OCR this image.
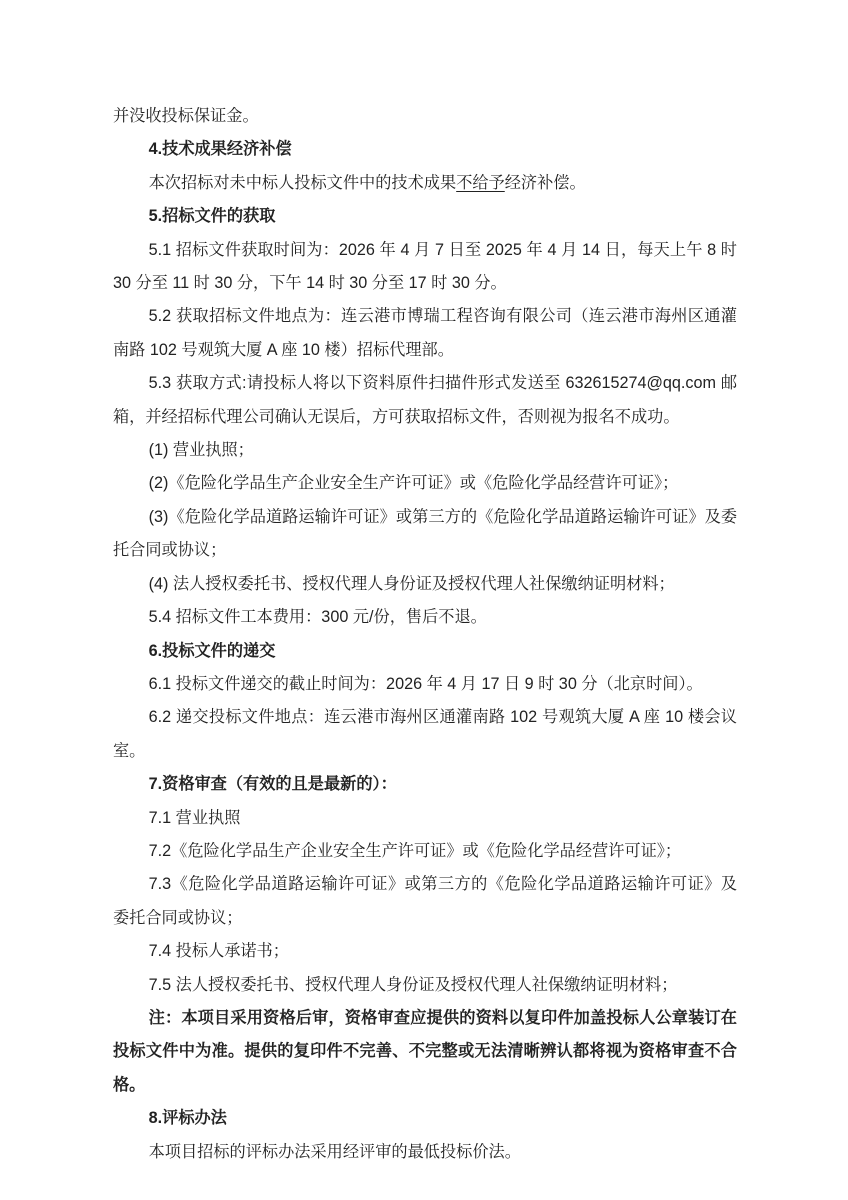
并没收投标保证金。

4.技术成果经济补偿

本次招标对未中标人投标文件中的技术成果不给予经济补偿。

5.招标文件的获取

5.1 招标文件获取时间为：2026 年 4 月 7 日至 2025 年 4 月 14 日，每天上午 8 时 30 分至 11 时 30 分，下午 14 时 30 分至 17 时 30 分。

5.2 获取招标文件地点为：连云港市博瑞工程咨询有限公司（连云港市海州区通灌南路 102 号观筑大厦 A 座 10 楼）招标代理部。

5.3 获取方式:请投标人将以下资料原件扫描件形式发送至 632615274@qq.com 邮箱，并经招标代理公司确认无误后，方可获取招标文件，否则视为报名不成功。

(1) 营业执照；

(2)《危险化学品生产企业安全生产许可证》或《危险化学品经营许可证》；

(3)《危险化学品道路运输许可证》或第三方的《危险化学品道路运输许可证》及委托合同或协议；

(4) 法人授权委托书、授权代理人身份证及授权代理人社保缴纳证明材料；

5.4 招标文件工本费用：300 元/份，售后不退。

6.投标文件的递交

6.1 投标文件递交的截止时间为：2026 年 4 月 17 日 9 时 30 分（北京时间）。

6.2 递交投标文件地点：连云港市海州区通灌南路 102 号观筑大厦 A 座 10 楼会议室。

7.资格审查（有效的且是最新的）：

7.1 营业执照

7.2《危险化学品生产企业安全生产许可证》或《危险化学品经营许可证》；

7.3《危险化学品道路运输许可证》或第三方的《危险化学品道路运输许可证》及委托合同或协议；

7.4 投标人承诺书；

7.5 法人授权委托书、授权代理人身份证及授权代理人社保缴纳证明材料；

注：本项目采用资格后审，资格审查应提供的资料以复印件加盖投标人公章装订在投标文件中为准。提供的复印件不完善、不完整或无法清晰辨认都将视为资格审查不合格。

8.评标办法

本项目招标的评标办法采用经评审的最低投标价法。
